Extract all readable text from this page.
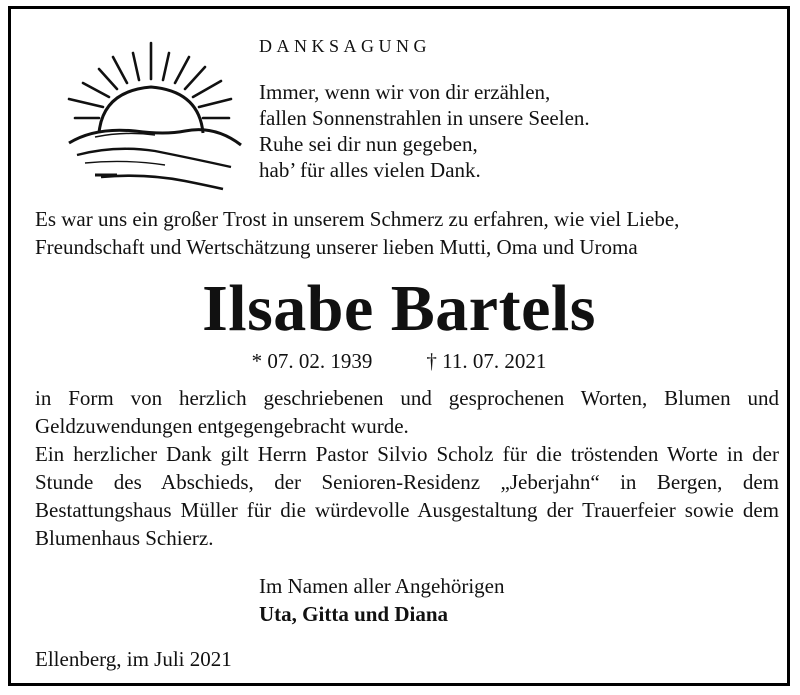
DANKSAGUNG
Immer, wenn wir von dir erzählen,
fallen Sonnenstrahlen in unsere Seelen.
Ruhe sei dir nun gegeben,
hab’ für alles vielen Dank.
Es war uns ein großer Trost in unserem Schmerz zu erfahren, wie viel Liebe,
Freundschaft und Wertschätzung unserer lieben Mutti, Oma und Uroma
Ilsabe Bartels
* 07. 02. 1939	† 11. 07. 2021

in Form von herzlich geschriebenen und gesprochenen Worten, Blumen und Geldzuwendungen entgegengebracht wurde.

Ein herzlicher Dank gilt Herrn Pastor Silvio Scholz für die tröstenden Worte in der Stunde des Abschieds, der Senioren-Residenz „Jeberjahn“ in Bergen, dem Bestattungshaus Müller für die würdevolle Ausgestaltung der Trauerfeier sowie dem Blumenhaus Schierz.

Im Namen aller Angehörigen
Uta, Gitta und Diana
Ellenberg, im Juli 2021
